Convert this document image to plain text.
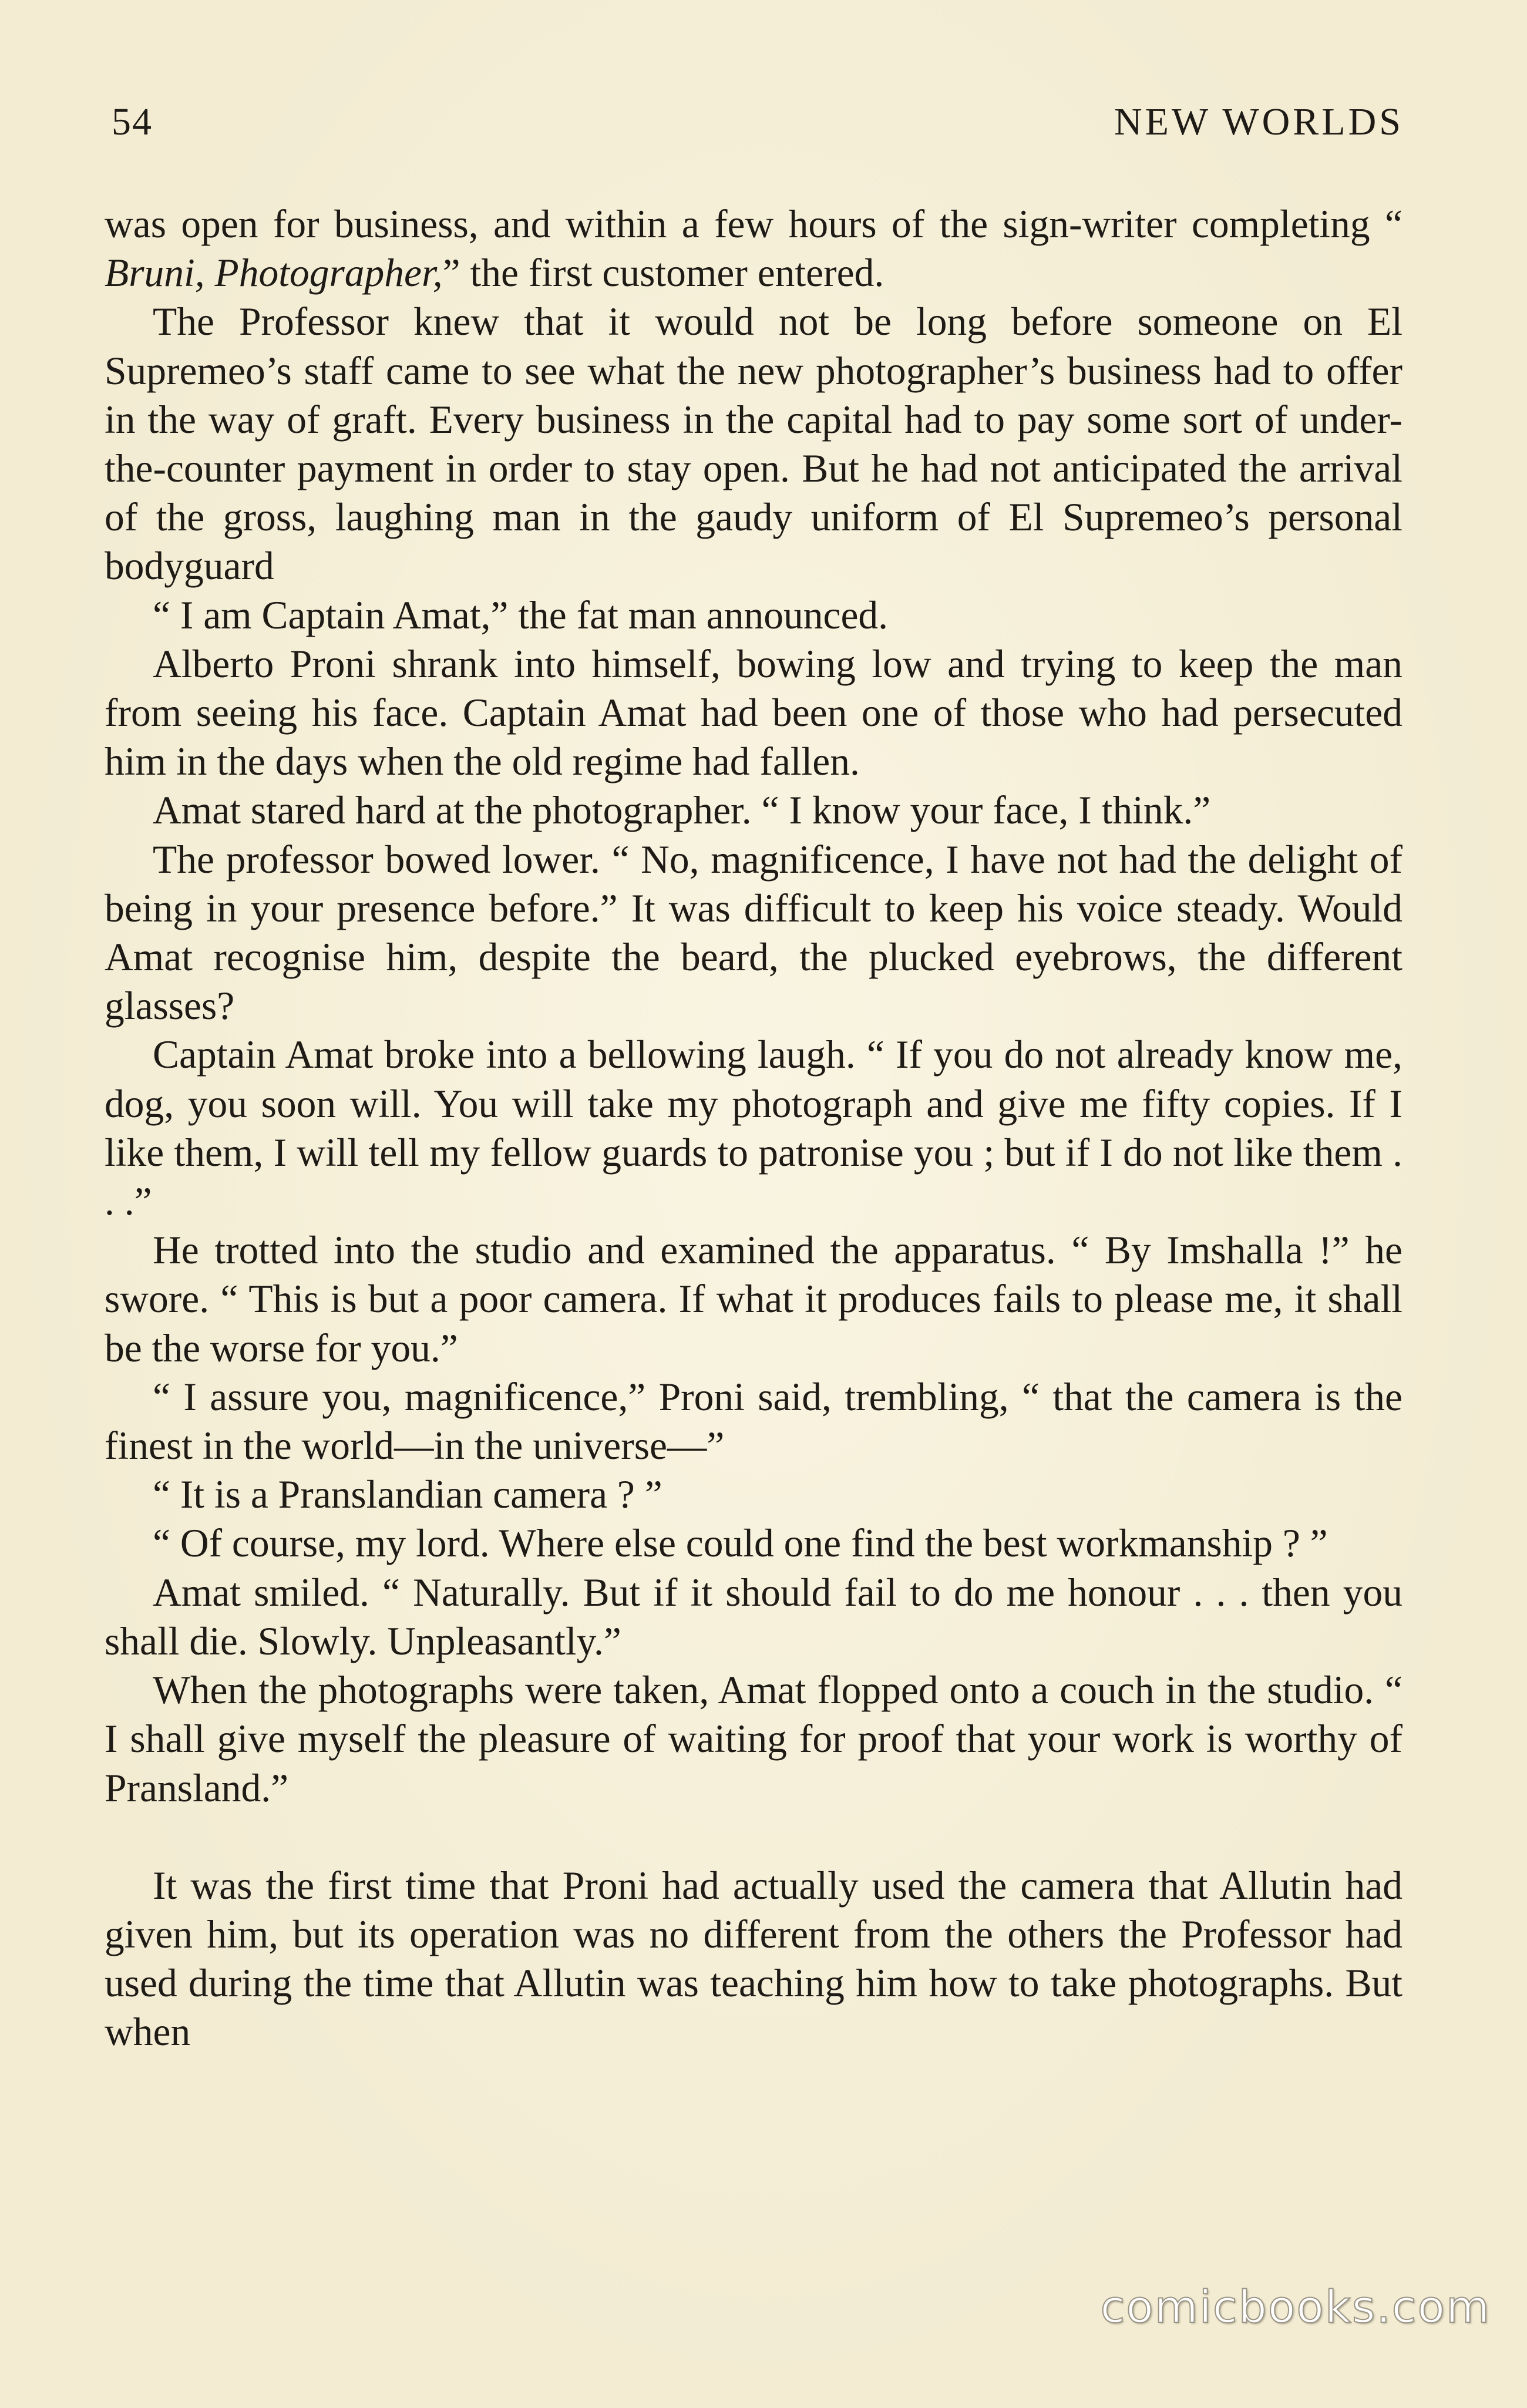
54	NEW WORLDS

was open for business, and within a few hours of the sign-writer completing “ Bruni, Photographer,” the first customer entered.

The Professor knew that it would not be long before someone on El Supremeo’s staff came to see what the new photographer’s business had to offer in the way of graft. Every business in the capital had to pay some sort of under-the-counter payment in order to stay open. But he had not anticipated the arrival of the gross, laughing man in the gaudy uniform of El Supremeo’s personal bodyguard

“ I am Captain Amat,” the fat man announced.

Alberto Proni shrank into himself, bowing low and trying to keep the man from seeing his face. Captain Amat had been one of those who had persecuted him in the days when the old regime had fallen.

Amat stared hard at the photographer. “ I know your face, I think.”

The professor bowed lower. “ No, magnificence, I have not had the delight of being in your presence before.” It was difficult to keep his voice steady. Would Amat recognise him, despite the beard, the plucked eyebrows, the different glasses?

Captain Amat broke into a bellowing laugh. “ If you do not already know me, dog, you soon will. You will take my photograph and give me fifty copies. If I like them, I will tell my fellow guards to patronise you ; but if I do not like them . . .”

He trotted into the studio and examined the apparatus. “ By Imshalla !” he swore. “ This is but a poor camera. If what it produces fails to please me, it shall be the worse for you.”

“ I assure you, magnificence,” Proni said, trembling, “ that the camera is the finest in the world—in the universe—”

“ It is a Pranslandian camera ? ”

“ Of course, my lord. Where else could one find the best workmanship ? ”

Amat smiled. “ Naturally. But if it should fail to do me honour . . . then you shall die. Slowly. Unpleasantly.”

When the photographs were taken, Amat flopped onto a couch in the studio. “ I shall give myself the pleasure of waiting for proof that your work is worthy of Pransland.”

It was the first time that Proni had actually used the camera that Allutin had given him, but its operation was no different from the others the Professor had used during the time that Allutin was teaching him how to take photographs. But when

comicbooks.com
